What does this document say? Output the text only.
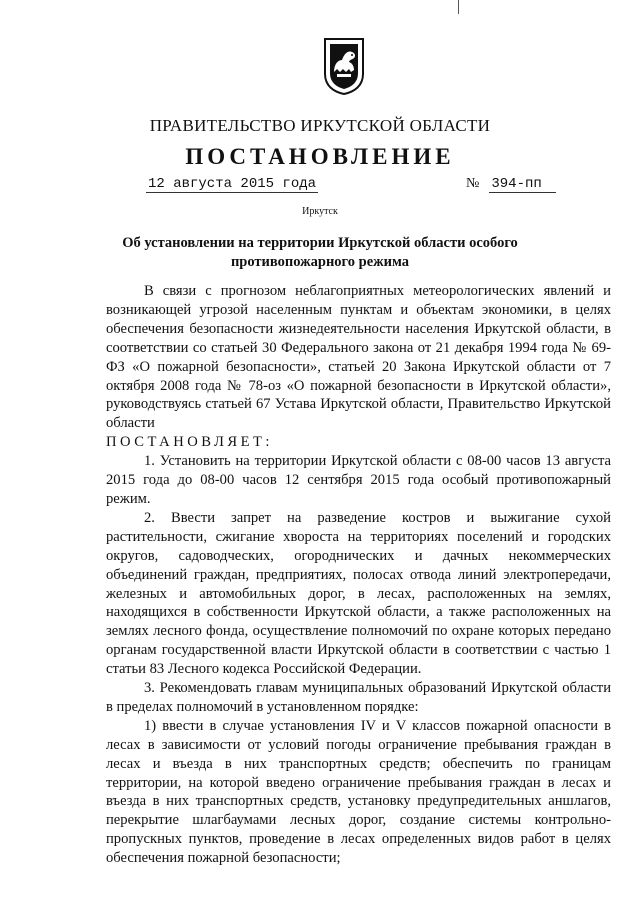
ПРАВИТЕЛЬСТВО ИРКУТСКОЙ ОБЛАСТИ
ПОСТАНОВЛЕНИЕ
12 августа 2015 года	№ 394-пп
Иркутск
Об установлении на территории Иркутской области особого противопожарного режима

В связи с прогнозом неблагоприятных метеорологических явлений и возникающей угрозой населенным пунктам и объектам экономики, в целях обеспечения безопасности жизнедеятельности населения Иркутской области, в соответствии со статьей 30 Федерального закона от 21 декабря 1994 года № 69-ФЗ «О пожарной безопасности», статьей 20 Закона Иркутской области от 7 октября 2008 года № 78-оз «О пожарной безопасности в Иркутской области», руководствуясь статьей 67 Устава Иркутской области, Правительство Иркутской области

ПОСТАНОВЛЯЕТ:

1. Установить на территории Иркутской области с 08-00 часов 13 августа 2015 года до 08-00 часов 12 сентября 2015 года особый противопожарный режим.

2. Ввести запрет на разведение костров и выжигание сухой растительности, сжигание хвороста на территориях поселений и городских округов, садоводческих, огороднических и дачных некоммерческих объединений граждан, предприятиях, полосах отвода линий электропередачи, железных и автомобильных дорог, в лесах, расположенных на землях, находящихся в собственности Иркутской области, а также расположенных на землях лесного фонда, осуществление полномочий по охране которых передано органам государственной власти Иркутской области в соответствии с частью 1 статьи 83 Лесного кодекса Российской Федерации.

3. Рекомендовать главам муниципальных образований Иркутской области в пределах полномочий в установленном порядке:

1) ввести в случае установления IV и V классов пожарной опасности в лесах в зависимости от условий погоды ограничение пребывания граждан в лесах и въезда в них транспортных средств; обеспечить по границам территории, на которой введено ограничение пребывания граждан в лесах и въезда в них транспортных средств, установку предупредительных аншлагов, перекрытие шлагбаумами лесных дорог, создание системы контрольно-пропускных пунктов, проведение в лесах определенных видов работ в целях обеспечения пожарной безопасности;
